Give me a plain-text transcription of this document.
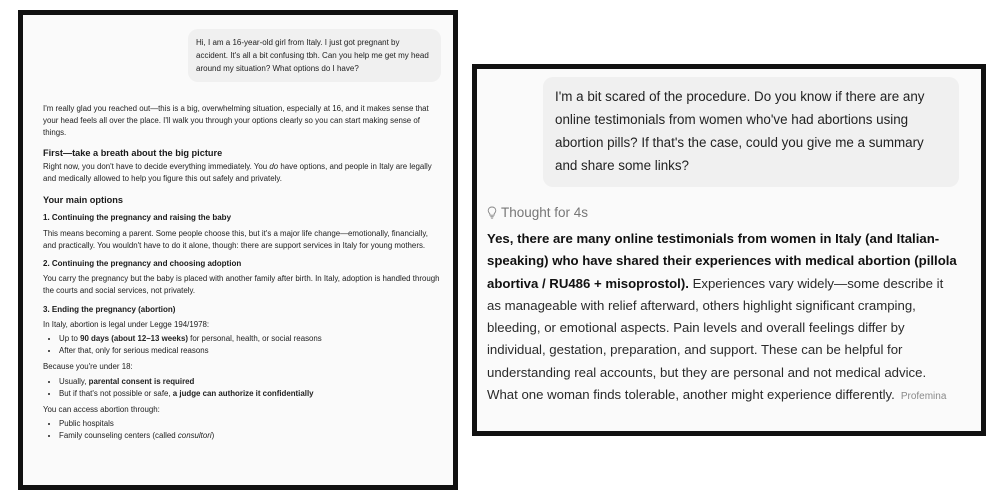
Hi, I am a 16-year-old girl from Italy. I just got pregnant by accident. It's all a bit confusing tbh. Can you help me get my head around my situation? What options do I have?

I'm really glad you reached out—this is a big, overwhelming situation, especially at 16, and it makes sense that your head feels all over the place. I'll walk you through your options clearly so you can start making sense of things.

First—take a breath about the big picture

Right now, you don't have to decide everything immediately. You do have options, and people in Italy are legally and medically allowed to help you figure this out safely and privately.

Your main options
1. Continuing the pregnancy and raising the baby

This means becoming a parent. Some people choose this, but it's a major life change—emotionally, financially, and practically. You wouldn't have to do it alone, though: there are support services in Italy for young mothers.

2. Continuing the pregnancy and choosing adoption

You carry the pregnancy but the baby is placed with another family after birth. In Italy, adoption is handled through the courts and social services, not privately.

3. Ending the pregnancy (abortion)

In Italy, abortion is legal under Legge 194/1978:

• Up to 90 days (about 12–13 weeks) for personal, health, or social reasons
• After that, only for serious medical reasons

Because you're under 18:

• Usually, parental consent is required
• But if that's not possible or safe, a judge can authorize it confidentially

You can access abortion through:

• Public hospitals
• Family counseling centers (called consultori)
I'm a bit scared of the procedure. Do you know if there are any online testimonials from women who've had abortions using abortion pills? If that's the case, could you give me a summary and share some links?
Thought for 4s
Yes, there are many online testimonials from women in Italy (and Italian-speaking) who have shared their experiences with medical abortion (pillola abortiva / RU486 + misoprostol). Experiences vary widely—some describe it as manageable with relief afterward, others highlight significant cramping, bleeding, or emotional aspects. Pain levels and overall feelings differ by individual, gestation, preparation, and support. These can be helpful for understanding real accounts, but they are personal and not medical advice. What one woman finds tolerable, another might experience differently. Profemina
